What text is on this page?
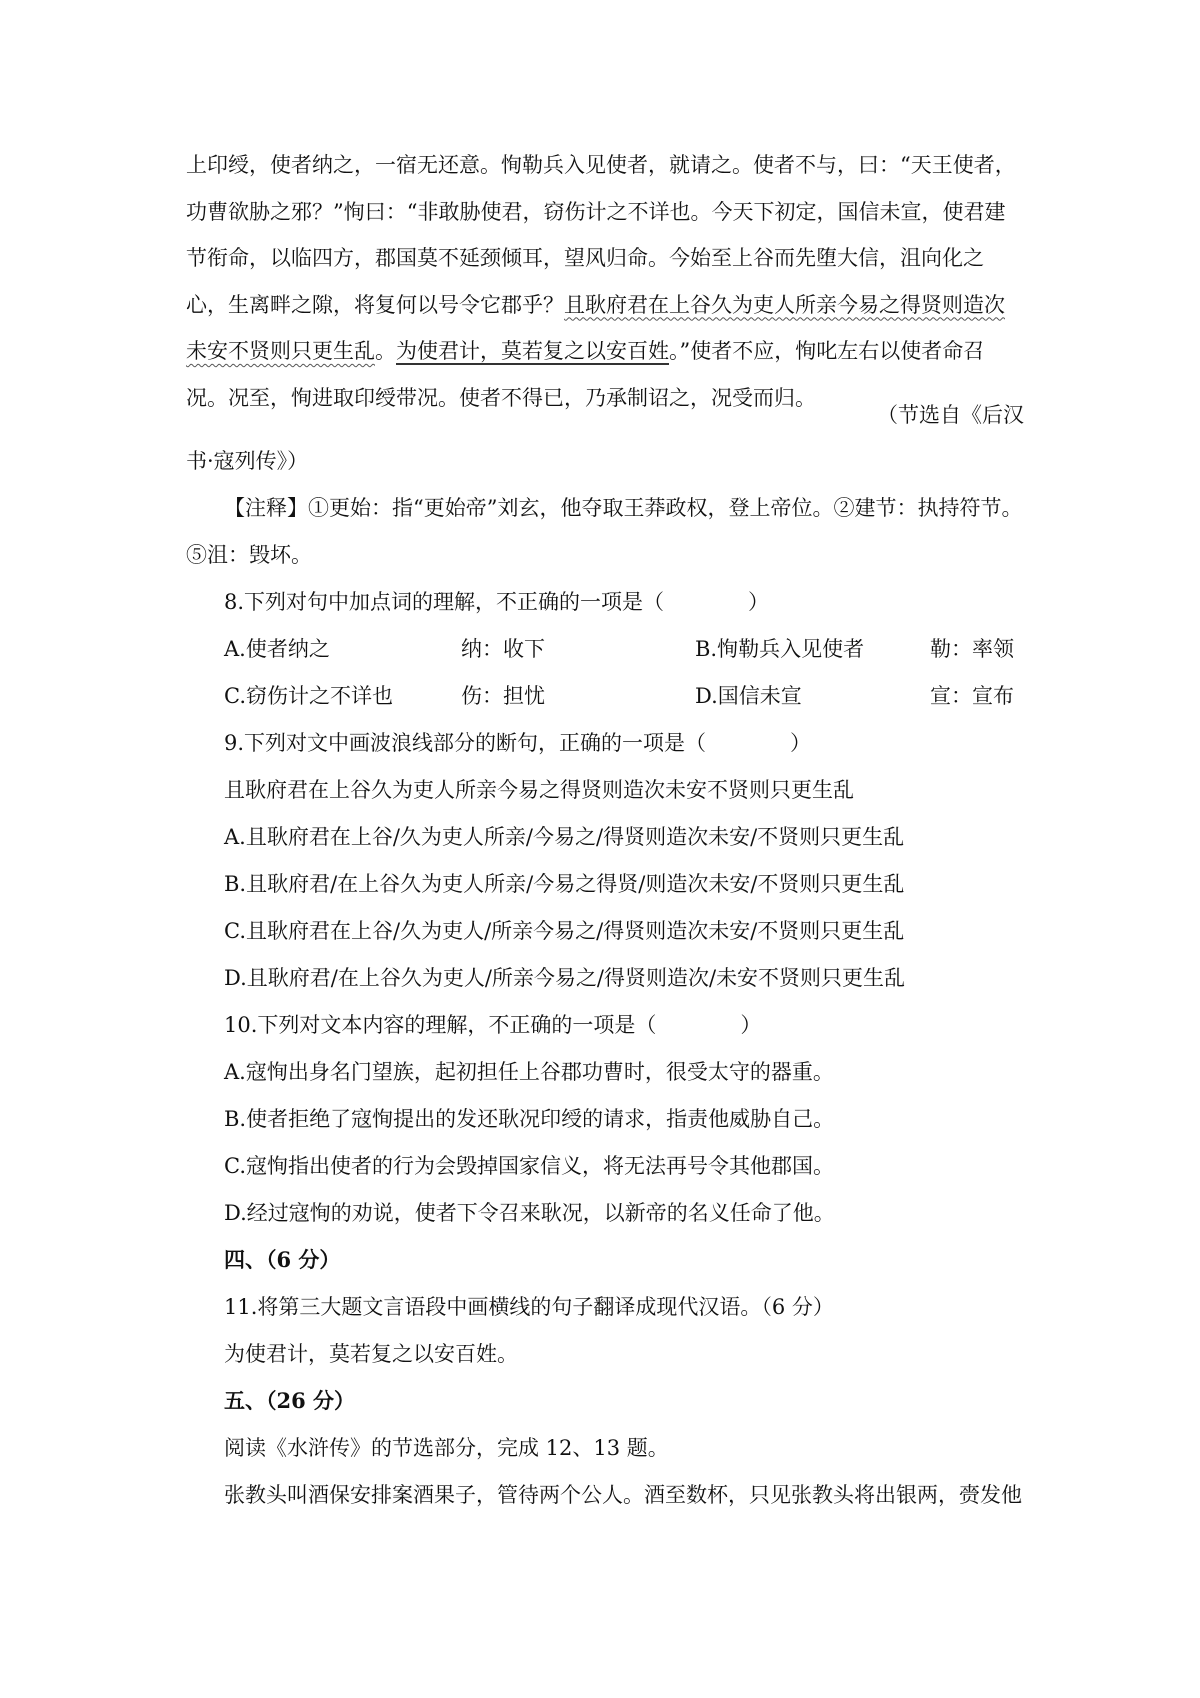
上印绶，使者纳之，一宿无还意。恂勒兵入见使者，就请之。使者不与，曰：“天王使者，功曹欲胁之邪？”恂曰：“非敢胁使君，窃伤计之不详也。今天下初定，国信未宣，使君建节衔命，以临四方，郡国莫不延颈倾耳，望风归命。今始至上谷而先堕大信，沮向化之心，生离畔之隙，将复何以号令它郡乎？且耿府君在上谷久为吏人所亲今易之得贤则造次未安不贤则只更生乱。为使君计，莫若复之以安百姓。”使者不应，恂叱左右以使者命召况。况至，恂进取印绶带况。使者不得已，乃承制诏之，况受而归。

（节选自《后汉
书·寇列传》）
【注释】①更始：指“更始帝”刘玄，他夺取王莽政权，登上帝位。②建节：执持符节。
⑤沮：毁坏。
8.下列对句中加点词的理解，不正确的一项是（　　　　）
A.使者纳之	纳：收下	B.恂勒兵入见使者	勒：率领
C.窃伤计之不详也	伤：担忧	D.国信未宣	宣：宣布
9.下列对文中画波浪线部分的断句，正确的一项是（　　　　）
且耿府君在上谷久为吏人所亲今易之得贤则造次未安不贤则只更生乱
A.且耿府君在上谷/久为吏人所亲/今易之/得贤则造次未安/不贤则只更生乱
B.且耿府君/在上谷久为吏人所亲/今易之得贤/则造次未安/不贤则只更生乱
C.且耿府君在上谷/久为吏人/所亲今易之/得贤则造次未安/不贤则只更生乱
D.且耿府君/在上谷久为吏人/所亲今易之/得贤则造次/未安不贤则只更生乱
10.下列对文本内容的理解，不正确的一项是（　　　　）
A.寇恂出身名门望族，起初担任上谷郡功曹时，很受太守的器重。
B.使者拒绝了寇恂提出的发还耿况印绶的请求，指责他威胁自己。
C.寇恂指出使者的行为会毁掉国家信义，将无法再号令其他郡国。
D.经过寇恂的劝说，使者下令召来耿况，以新帝的名义任命了他。
四、（6 分）
11.将第三大题文言语段中画横线的句子翻译成现代汉语。（6 分）
为使君计，莫若复之以安百姓。
五、（26 分）
阅读《水浒传》的节选部分，完成 12、13 题。
张教头叫酒保安排案酒果子，管待两个公人。酒至数杯，只见张教头将出银两，赍发他
